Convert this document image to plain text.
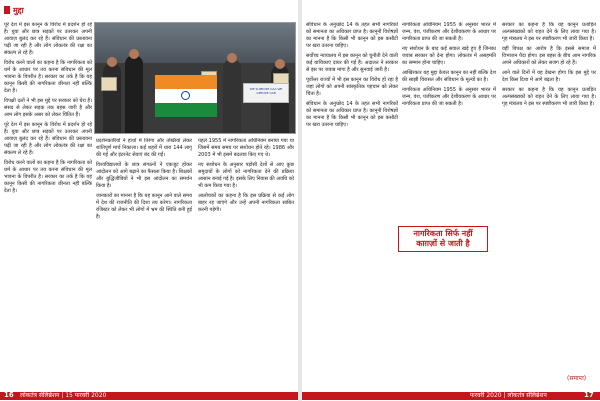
मुद्दा

पूरे देश में इस कानून के विरोध में प्रदर्शन हो रहे हैं। युवा और छात्र सड़कों पर उतरकर अपनी आवाज़ बुलंद कर रहे हैं। संविधान की प्रस्तावना पढ़ी जा रही है और लोग लोकतंत्र की रक्षा का संकल्प ले रहे हैं।

विरोध करने वालों का कहना है कि नागरिकता को धर्म के आधार पर तय करना संविधान की मूल भावना के विपरीत है। सरकार का तर्क है कि यह कानून किसी की नागरिकता छीनता नहीं बल्कि देता है।

विपक्षी दलों ने भी इस मुद्दे पर सरकार को घेरा है। संसद से लेकर सड़क तक बहस जारी है और आम लोग इसके असर को लेकर चिंतित हैं।

पूरे देश में इस कानून के विरोध में प्रदर्शन हो रहे हैं। युवा और छात्र सड़कों पर उतरकर अपनी आवाज़ बुलंद कर रहे हैं। संविधान की प्रस्तावना पढ़ी जा रही है और लोग लोकतंत्र की रक्षा का संकल्प ले रहे हैं।

विरोध करने वालों का कहना है कि नागरिकता को धर्म के आधार पर तय करना संविधान की मूल भावना के विपरीत है। सरकार का तर्क है कि यह कानून किसी की नागरिकता छीनता नहीं बल्कि देता है।

प्रदर्शनकारियों ने हाथों में तिरंगा और तख्तियां लेकर शांतिपूर्ण मार्च निकाला। कई शहरों में धारा 144 लागू की गई और इंटरनेट सेवाएं बंद की गईं।

विश्वविद्यालयों के छात्र संगठनों ने एकजुट होकर आंदोलन को आगे बढ़ाने का फैसला किया है। शिक्षकों और बुद्धिजीवियों ने भी इस आंदोलन का समर्थन किया है।

जानकारों का मानना है कि यह कानून आने वाले समय में देश की राजनीति की दिशा तय करेगा। नागरिकता रजिस्टर को लेकर भी लोगों में भ्रम की स्थिति बनी हुई है।

पहले 1955 में नागरिकता अधिनियम बनाया गया था जिसमें समय समय पर संशोधन होते रहे। 1986 और 2003 में भी इसमें बदलाव किए गए थे।

नए संशोधन के अनुसार पड़ोसी देशों से आए कुछ समुदायों के लोगों को नागरिकता देने की प्रक्रिया आसान बनाई गई है। इसके लिए निवास की अवधि को भी कम किया गया है।

आलोचकों का कहना है कि इस प्रक्रिया से कई लोग बाहर रह जाएंगे और उन्हें अपनी नागरिकता साबित करनी पड़ेगी।

WE SUPPORT CAA WE OPPOSE CAB

संविधान के अनुच्छेद 14 के तहत सभी नागरिकों को समानता का अधिकार प्राप्त है। कानूनी विशेषज्ञों का मानना है कि किसी भी कानून को इस कसौटी पर खरा उतरना चाहिए।

सर्वोच्च न्यायालय में इस कानून को चुनौती देने वाली कई याचिकाएं दायर की गई हैं। अदालत ने सरकार से इस पर जवाब मांगा है और सुनवाई जारी है।

पूर्वोत्तर राज्यों में भी इस कानून का विरोध हो रहा है जहां लोगों को अपनी सांस्कृतिक पहचान को लेकर चिंता है।

संविधान के अनुच्छेद 14 के तहत सभी नागरिकों को समानता का अधिकार प्राप्त है। कानूनी विशेषज्ञों का मानना है कि किसी भी कानून को इस कसौटी पर खरा उतरना चाहिए।

नागरिकता अधिनियम 1955 के अनुसार भारत में जन्म, वंश, पंजीकरण और देशीयकरण के आधार पर नागरिकता प्राप्त की जा सकती है।

नए संशोधन के बाद कई सवाल खड़े हुए हैं जिनका जवाब सरकार को देना होगा। लोकतंत्र में असहमति का सम्मान होना चाहिए।

आखिरकार यह मुद्दा केवल कानून का नहीं बल्कि देश की साझी विरासत और संविधान के मूल्यों का है।

नागरिकता अधिनियम 1955 के अनुसार भारत में जन्म, वंश, पंजीकरण और देशीयकरण के आधार पर नागरिकता प्राप्त की जा सकती है।

सरकार का कहना है कि यह कानून प्रताड़ित अल्पसंख्यकों को राहत देने के लिए लाया गया है। गृह मंत्रालय ने इस पर स्पष्टीकरण भी जारी किया है।

वहीं विपक्ष का आरोप है कि इससे समाज में विभाजन पैदा होगा। इस बहस के बीच आम नागरिक अपने अधिकारों को लेकर सजग हो रहे हैं।

आने वाले दिनों में यह देखना होगा कि इस मुद्दे पर देश किस दिशा में आगे बढ़ता है।

सरकार का कहना है कि यह कानून प्रताड़ित अल्पसंख्यकों को राहत देने के लिए लाया गया है। गृह मंत्रालय ने इस पर स्पष्टीकरण भी जारी किया है।

नागरिकता सिर्फ नहीं
काग़ज़ों से जाती है
(समाप्त)
16 लोकतंत्र सेलिब्रेशन | 15 फरवरी 2020	फरवरी 2020 | लोकतंत्र सेलिब्रेशन	17
